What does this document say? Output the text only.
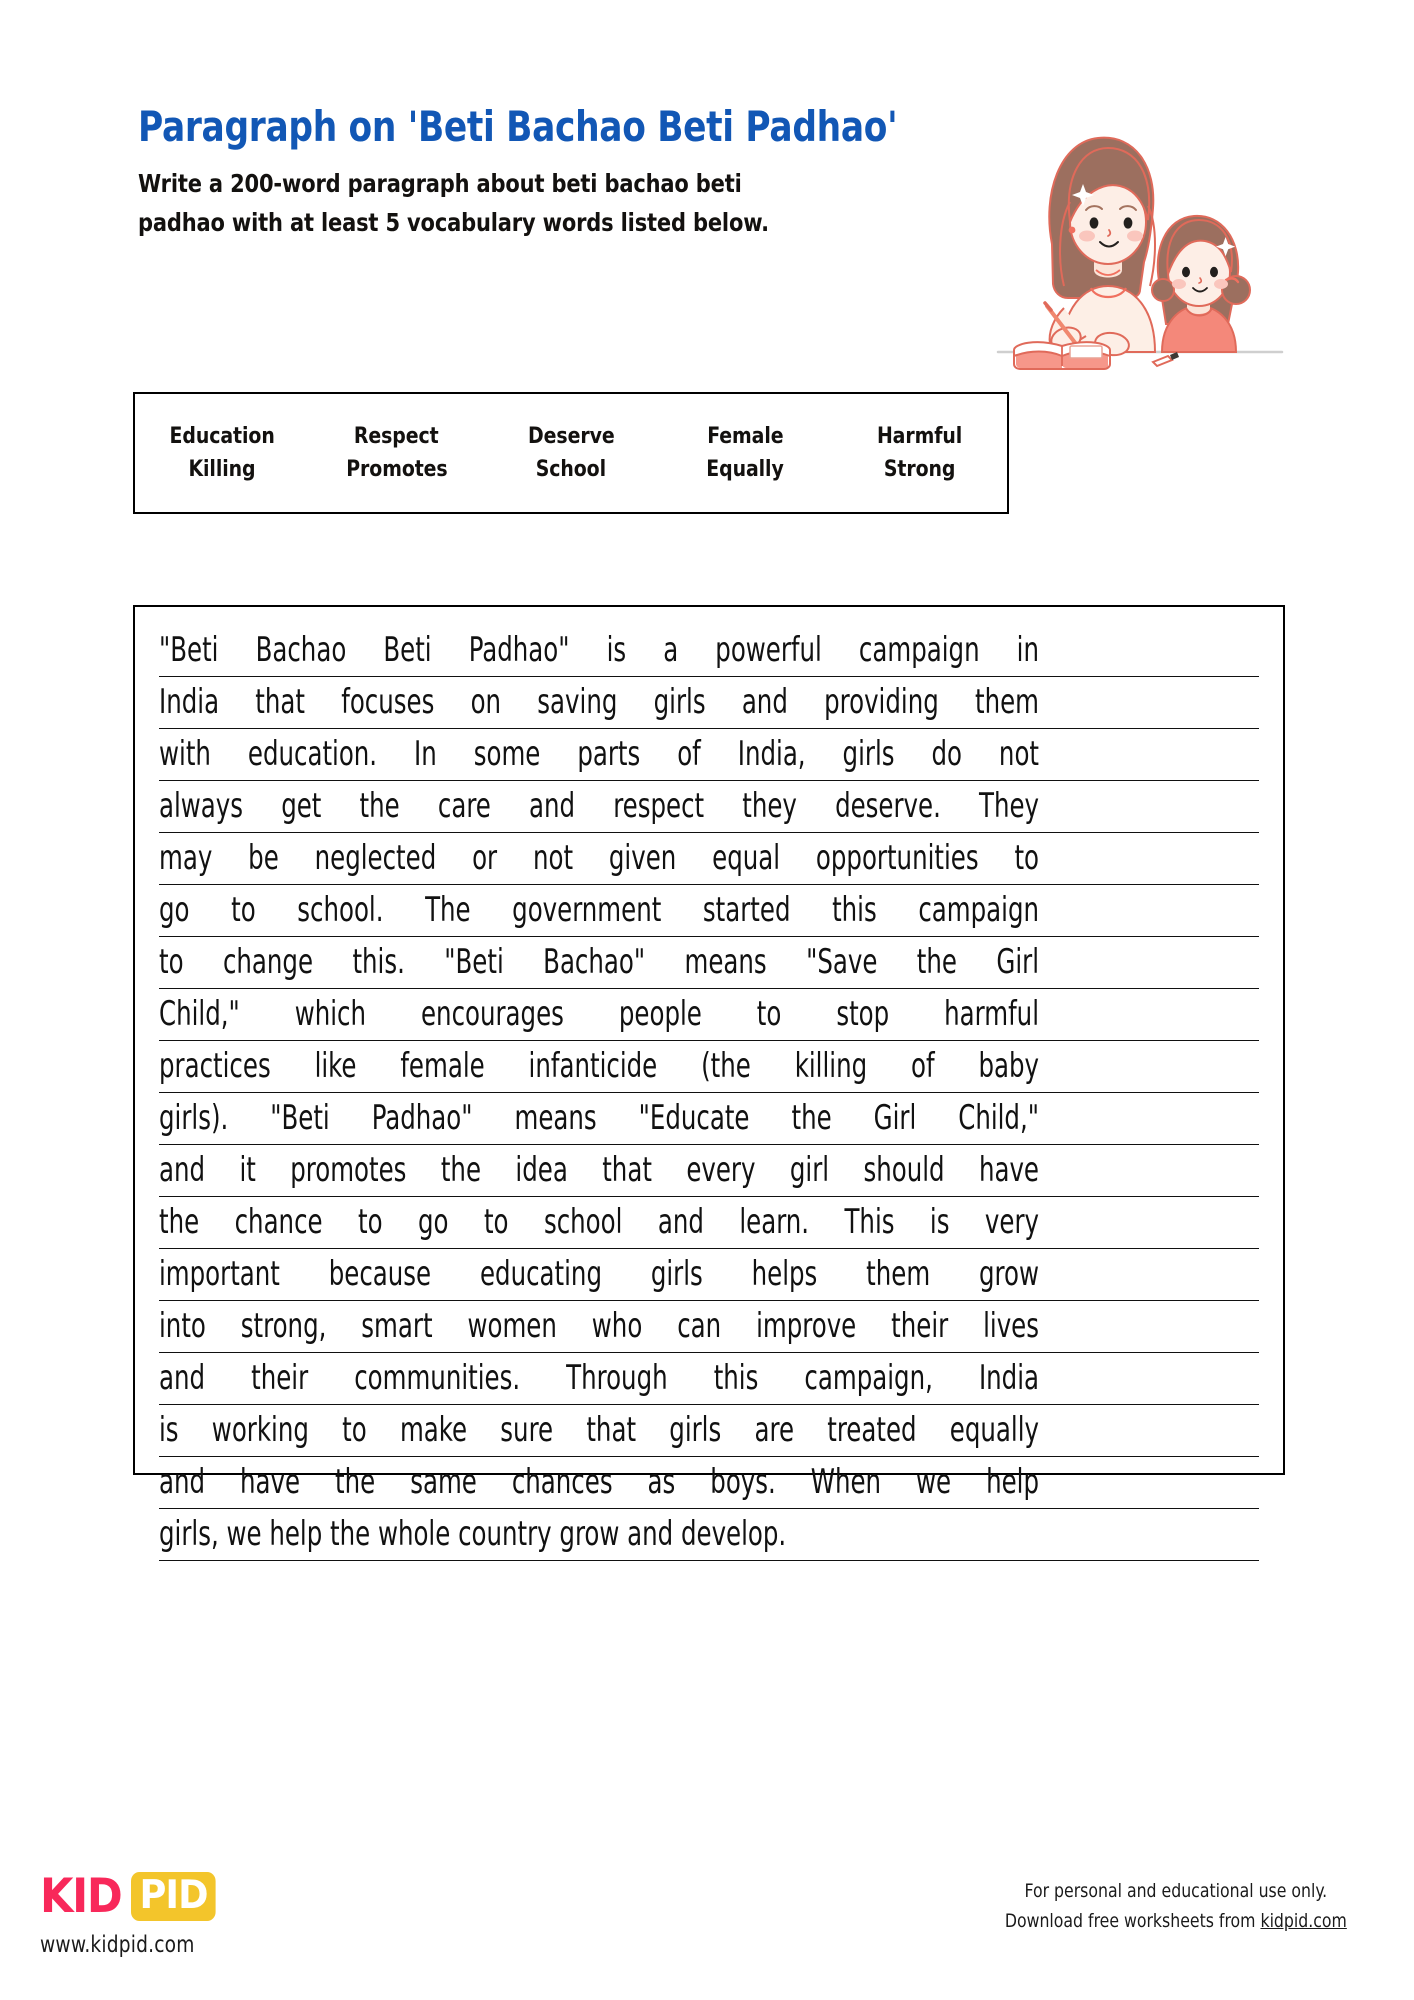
Paragraph on 'Beti Bachao Beti Padhao'

Write a 200-word paragraph about beti bachao beti

padhao with at least 5 vocabulary words listed below.

Education	Respect	Deserve	Female	Harmful
Killing	Promotes	School	Equally	Strong
"Beti Bachao Beti Padhao" is a powerful campaign in
India that focuses on saving girls and providing them
with education. In some parts of India, girls do not
always get the care and respect they deserve. They
may be neglected or not given equal opportunities to
go to school. The government started this campaign
to change this. "Beti Bachao" means "Save the Girl
Child," which encourages people to stop harmful
practices like female infanticide (the killing of baby
girls). "Beti Padhao" means "Educate the Girl Child,"
and it promotes the idea that every girl should have
the chance to go to school and learn. This is very
important because educating girls helps them grow
into strong, smart women who can improve their lives
and their communities. Through this campaign, India
is working to make sure that girls are treated equally
and have the same chances as boys. When we help
girls, we help the whole country grow and develop.
KID PID
www.kidpid.com
For personal and educational use only.
Download free worksheets from kidpid.com
